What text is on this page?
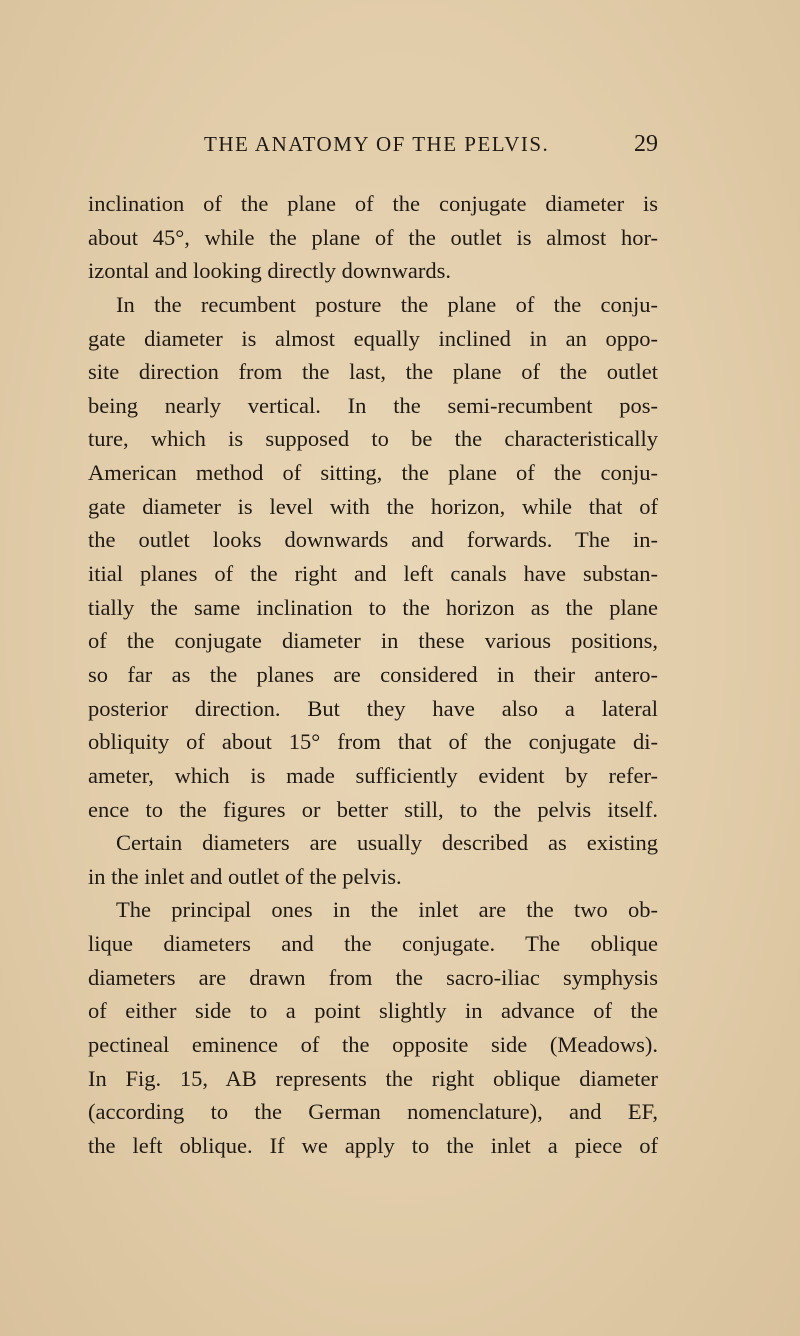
THE ANATOMY OF THE PELVIS.	29
inclination of the plane of the conjugate diameter is
about 45°, while the plane of the outlet is almost hor-
izontal and looking directly downwards.
In the recumbent posture the plane of the conju-
gate diameter is almost equally inclined in an oppo-
site direction from the last, the plane of the outlet
being nearly vertical. In the semi-recumbent pos-
ture, which is supposed to be the characteristically
American method of sitting, the plane of the conju-
gate diameter is level with the horizon, while that of
the outlet looks downwards and forwards. The in-
itial planes of the right and left canals have substan-
tially the same inclination to the horizon as the plane
of the conjugate diameter in these various positions,
so far as the planes are considered in their antero-
posterior direction. But they have also a lateral
obliquity of about 15° from that of the conjugate di-
ameter, which is made sufficiently evident by refer-
ence to the figures or better still, to the pelvis itself.
Certain diameters are usually described as existing
in the inlet and outlet of the pelvis.
The principal ones in the inlet are the two ob-
lique diameters and the conjugate. The oblique
diameters are drawn from the sacro-iliac symphysis
of either side to a point slightly in advance of the
pectineal eminence of the opposite side (Meadows).
In Fig. 15, AB represents the right oblique diameter
(according to the German nomenclature), and EF,
the left oblique. If we apply to the inlet a piece of
